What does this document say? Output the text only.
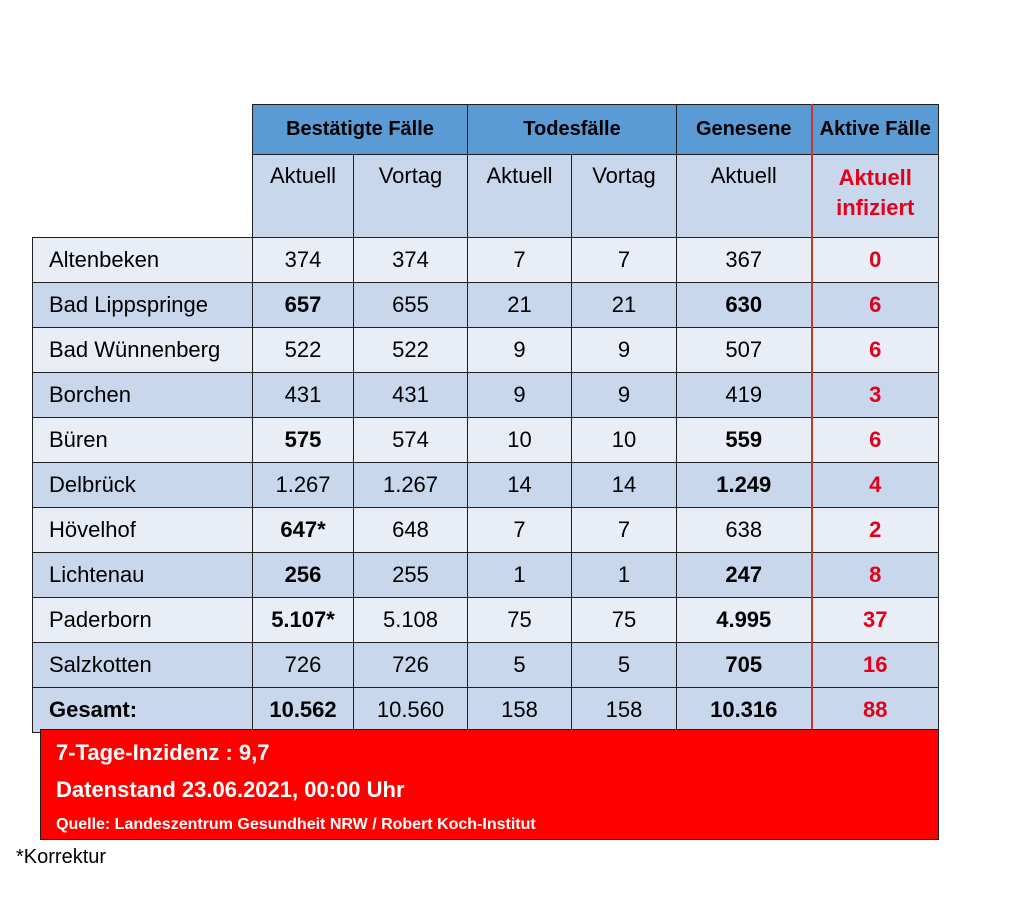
	Bestätigte Fälle		Todesfälle		Genesene	Aktive Fälle
	Aktuell	Vortag	Aktuell	Vortag	Aktuell	Aktuell
infiziert
Altenbeken	374	374	7	7	367	0
Bad Lippspringe	657	655	21	21	630	6
Bad Wünnenberg	522	522	9	9	507	6
Borchen	431	431	9	9	419	3
Büren	575	574	10	10	559	6
Delbrück	1.267	1.267	14	14	1.249	4
Hövelhof	647*	648	7	7	638	2
Lichtenau	256	255	1	1	247	8
Paderborn	5.107*	5.108	75	75	4.995	37
Salzkotten	726	726	5	5	705	16
Gesamt:	10.562	10.560	158	158	10.316	88
7-Tage-Inzidenz : 9,7
Datenstand 23.06.2021, 00:00 Uhr
Quelle: Landeszentrum Gesundheit NRW / Robert Koch-Institut
*Korrektur
